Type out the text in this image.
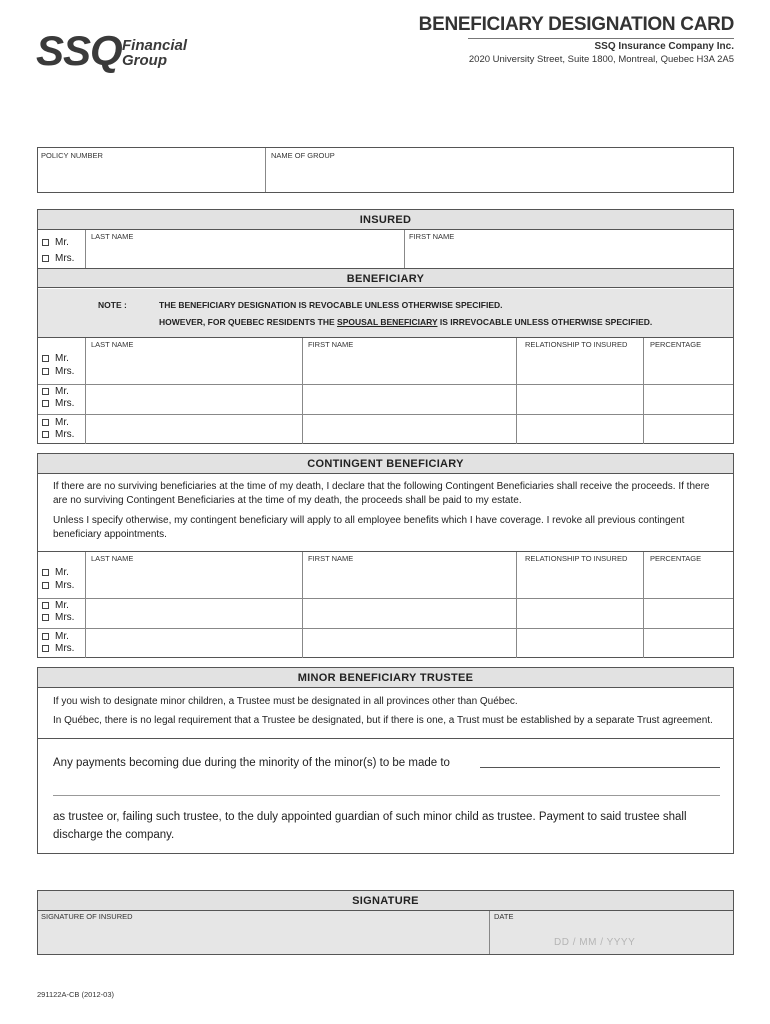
SSQ Financial
Group
BENEFICIARY DESIGNATION CARD
SSQ Insurance Company Inc.
2020 University Street, Suite 1800, Montreal, Quebec H3A 2A5
POLICY NUMBER	NAME OF GROUP
INSURED
Mr.
Mrs.
LAST NAME	FIRST NAME
BENEFICIARY
NOTE :	THE BENEFICIARY DESIGNATION IS REVOCABLE UNLESS OTHERWISE SPECIFIED.
HOWEVER, FOR QUEBEC RESIDENTS THE SPOUSAL BENEFICIARY IS IRREVOCABLE UNLESS OTHERWISE SPECIFIED.
LAST NAME	FIRST NAME	RELATIONSHIP TO INSURED	PERCENTAGE
Mr.
Mrs.
Mr.
Mrs.
Mr.
Mrs.
CONTINGENT BENEFICIARY
If there are no surviving beneficiaries at the time of my death, I declare that the following Contingent Beneficiaries shall receive the proceeds. If there are no surviving Contingent Beneficiaries at the time of my death, the proceeds shall be paid to my estate.
Unless I specify otherwise, my contingent beneficiary will apply to all employee benefits which I have coverage. I revoke all previous contingent beneficiary appointments.
LAST NAME	FIRST NAME	RELATIONSHIP TO INSURED	PERCENTAGE
Mr.
Mrs.
Mr.
Mrs.
Mr.
Mrs.
MINOR BENEFICIARY TRUSTEE
If you wish to designate minor children, a Trustee must be designated in all provinces other than Québec.
In Québec, there is no legal requirement that a Trustee be designated, but if there is one, a Trust must be established by a separate Trust agreement.
Any payments becoming due during the minority of the minor(s) to be made to
as trustee or, failing such trustee, to the duly appointed guardian of such minor child as trustee. Payment to said trustee shall discharge the company.
SIGNATURE
SIGNATURE OF INSURED	DATE
DD / MM / YYYY
291122A-CB (2012-03)
